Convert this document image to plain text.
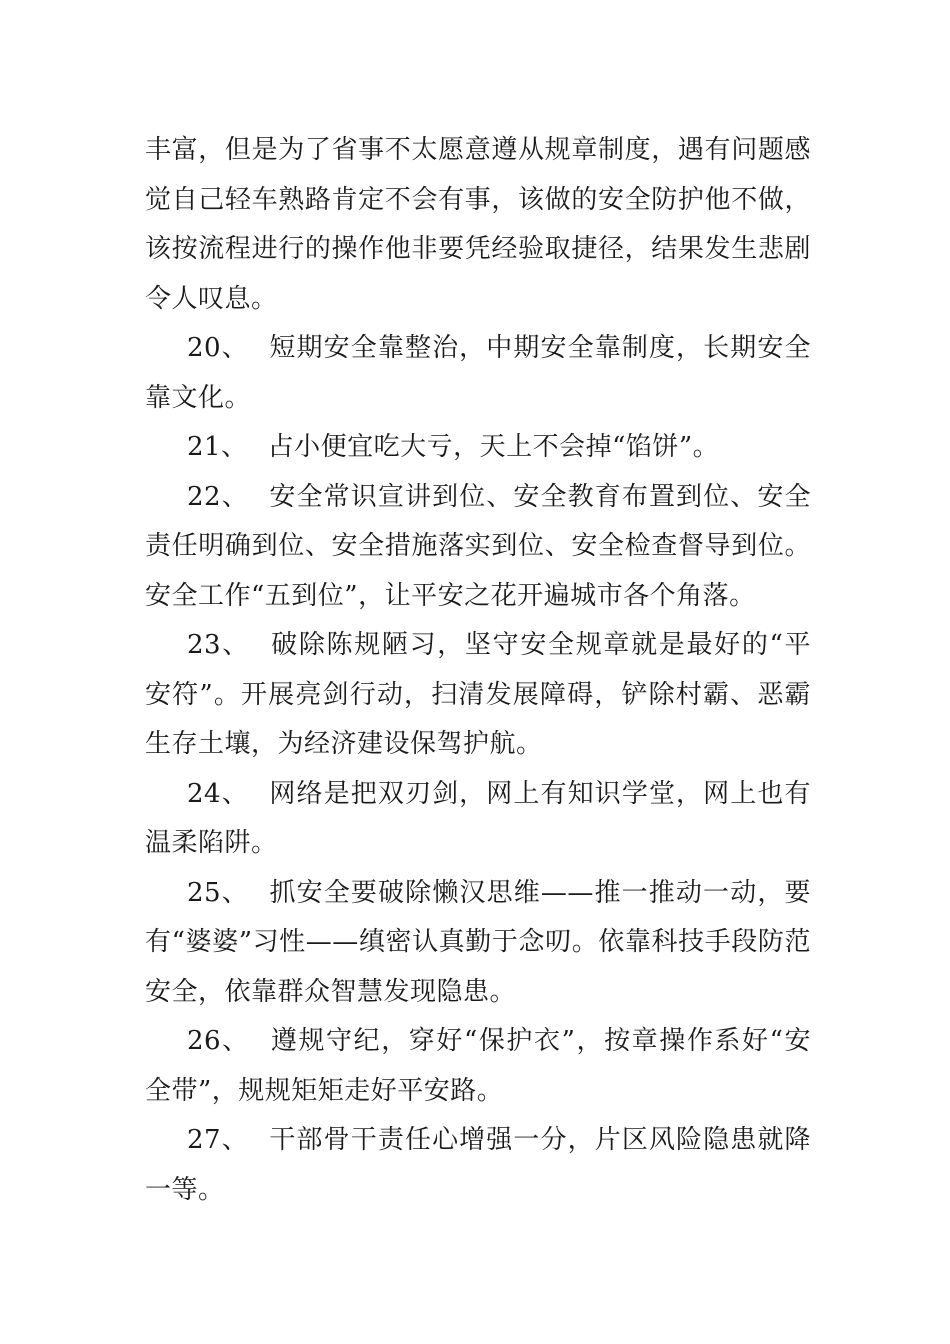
丰富，但是为了省事不太愿意遵从规章制度，遇有问题感觉自己轻车熟路肯定不会有事，该做的安全防护他不做，该按流程进行的操作他非要凭经验取捷径，结果发生悲剧令人叹息。

20、 短期安全靠整治，中期安全靠制度，长期安全靠文化。

21、 占小便宜吃大亏，天上不会掉“馅饼”。

22、 安全常识宣讲到位、安全教育布置到位、安全责任明确到位、安全措施落实到位、安全检查督导到位。安全工作“五到位”，让平安之花开遍城市各个角落。

23、 破除陈规陋习，坚守安全规章就是最好的“平安符”。开展亮剑行动，扫清发展障碍，铲除村霸、恶霸生存土壤，为经济建设保驾护航。

24、 网络是把双刃剑，网上有知识学堂，网上也有温柔陷阱。

25、 抓安全要破除懒汉思维——推一推动一动，要有“婆婆”习性——缜密认真勤于念叨。依靠科技手段防范安全，依靠群众智慧发现隐患。

26、 遵规守纪，穿好“保护衣”，按章操作系好“安全带”，规规矩矩走好平安路。

27、 干部骨干责任心增强一分，片区风险隐患就降一等。
